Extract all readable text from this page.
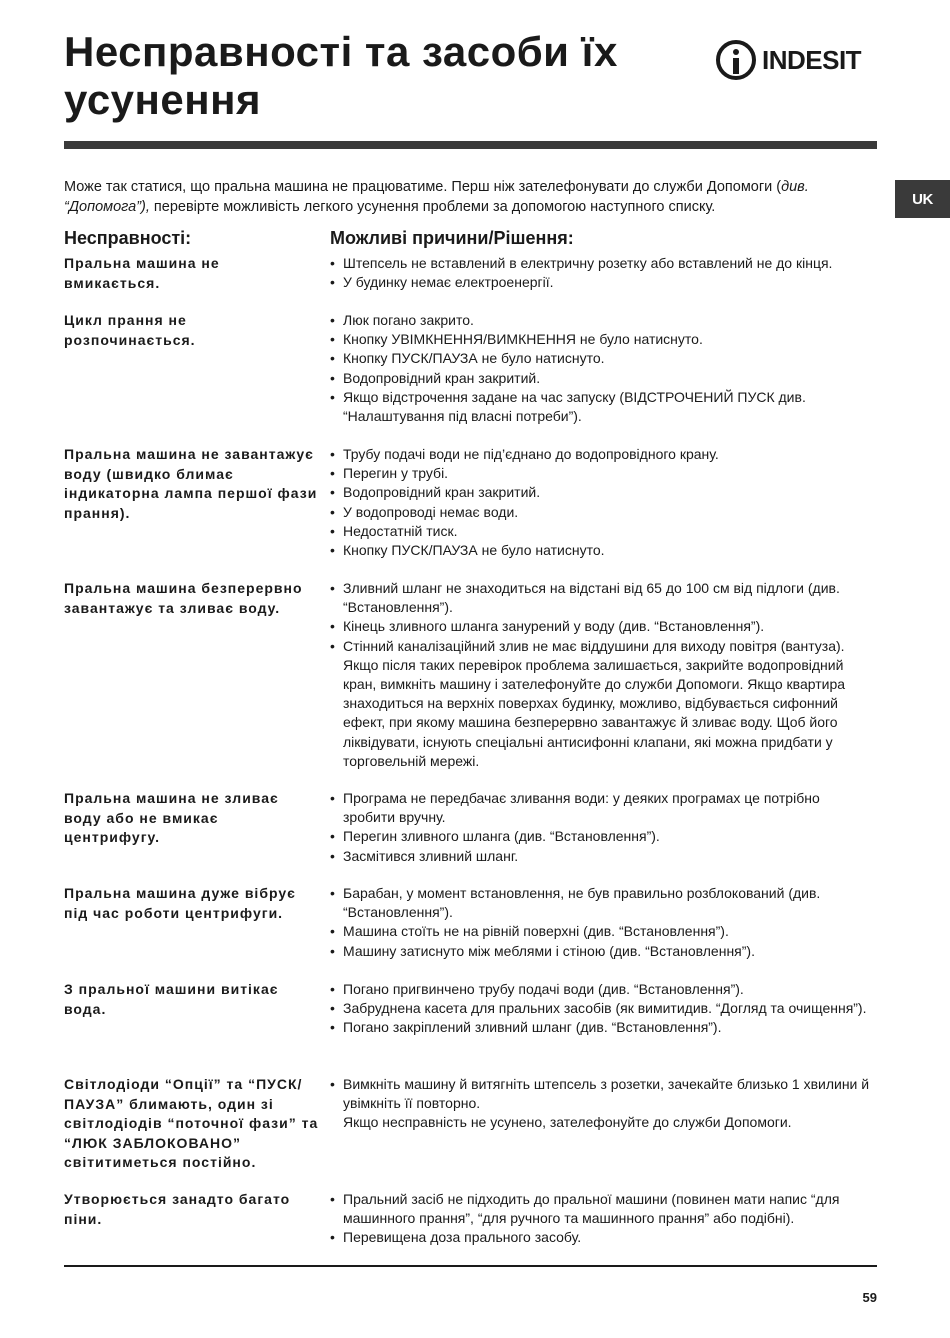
Несправності та засоби їх усунення
INDESIT
UK

Може так статися, що пральна машина не працюватиме. Перш ніж зателефонувати до служби Допомоги (див. “Допомога”), перевірте можливість легкого усунення проблеми за допомогою наступного списку.

Несправності:	Можливі причини/Рішення:
Пральна машина не вмикається.
• Штепсель не вставлений в електричну розетку або вставлений не до кінця.
• У будинку немає електроенергії.
Цикл прання не розпочинається.
• Люк погано закрито.
• Кнопку УВІМКНЕННЯ/ВИМКНЕННЯ не було натиснуто.
• Кнопку ПУСК/ПАУЗА не було натиснуто.
• Водопровідний кран закритий.
• Якщо відстрочення задане на час запуску (ВІДСТРОЧЕНИЙ ПУСК див. “Налаштування під власні потреби”).
Пральна машина не завантажує воду (швидко блимає індикаторна лампа першої фази прання).
• Трубу подачі води не під’єднано до водопровідного крану.
• Перегин у трубі.
• Водопровідний кран закритий.
• У водопроводі немає води.
• Недостатній тиск.
• Кнопку ПУСК/ПАУЗА не було натиснуто.
Пральна машина безперервно завантажує та зливає воду.
• Зливний шланг не знаходиться на відстані від 65 до 100 см від підлоги (див. “Встановлення”).
• Кінець зливного шланга занурений у воду (див. “Встановлення”).
• Стінний каналізаційний злив не має віддушини для виходу повітря (вантуза).
Якщо після таких перевірок проблема залишається, закрийте водопровідний кран, вимкніть машину і зателефонуйте до служби Допомоги. Якщо квартира знаходиться на верхніх поверхах будинку, можливо, відбувається сифонний ефект, при якому машина безперервно завантажує й зливає воду. Щоб його ліквідувати, існують спеціальні антисифонні клапани, які можна придбати у торговельній мережі.
Пральна машина не зливає воду або не вмикає центрифугу.
• Програма не передбачає зливання води: у деяких програмах це потрібно зробити вручну.
• Перегин зливного шланга (див. “Встановлення”).
• Засмітився зливний шланг.
Пральна машина дуже вібрує під час роботи центрифуги.
• Барабан, у момент встановлення, не був правильно розблокований (див. “Встановлення”).
• Машина стоїть не на рівній поверхні (див. “Встановлення”).
• Машину затиснуто між меблями і стіною (див. “Встановлення”).
З пральної машини витікає вода.
• Погано пригвинчено трубу подачі води (див. “Встановлення”).
• Забруднена касета для пральних засобів (як вимитидив. “Догляд та очищення”).
• Погано закріплений зливний шланг (див. “Встановлення”).
Світлодіоди “Опції” та “ПУСК/ПАУЗА” блимають, один зі світлодіодів “поточної фази” та “ЛЮК ЗАБЛОКОВАНО” світитиметься постійно.
• Вимкніть машину й витягніть штепсель з розетки, зачекайте близько 1 хвилини й увімкніть її повторно.
Якщо несправність не усунено, зателефонуйте до служби Допомоги.
Утворюється занадто багато піни.
• Пральний засіб не підходить до пральної машини (повинен мати напис “для машинного прання”, “для ручного та машинного прання” або подібні).
• Перевищена доза прального засобу.
59
